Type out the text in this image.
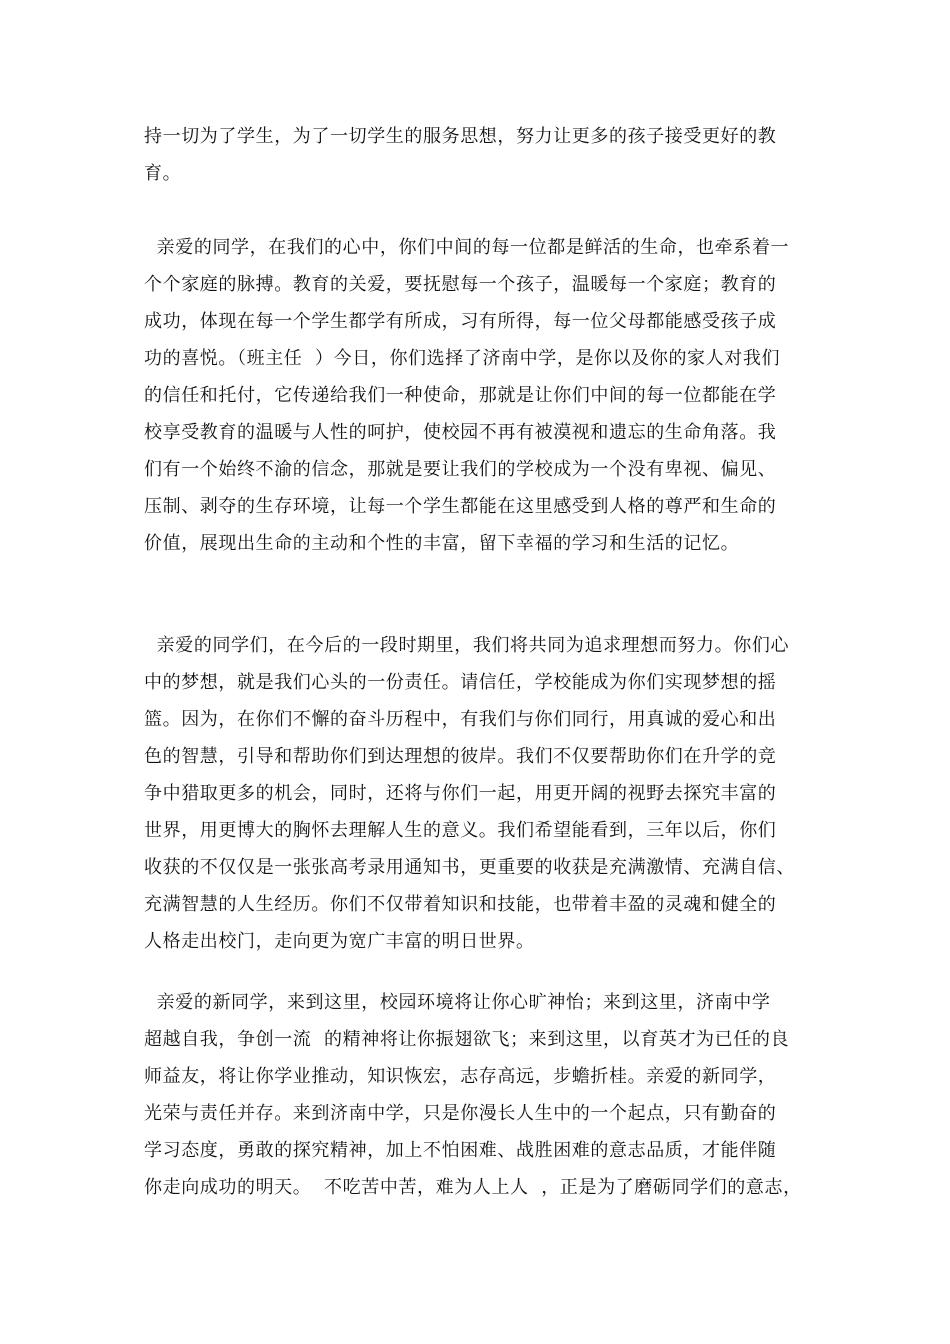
持一切为了学生，为了一切学生的服务思想，努力让更多的孩子接受更好的教
育。
亲爱的同学，在我们的心中，你们中间的每一位都是鲜活的生命，也牵系着一
个个家庭的脉搏。教育的关爱，要抚慰每一个孩子，温暖每一个家庭；教育的
成功，体现在每一个学生都学有所成，习有所得，每一位父母都能感受孩子成
功的喜悦。（班主任  ）今日，你们选择了济南中学，是你以及你的家人对我们
的信任和托付，它传递给我们一种使命，那就是让你们中间的每一位都能在学
校享受教育的温暖与人性的呵护，使校园不再有被漠视和遗忘的生命角落。我
们有一个始终不渝的信念，那就是要让我们的学校成为一个没有卑视、偏见、
压制、剥夺的生存环境，让每一个学生都能在这里感受到人格的尊严和生命的
价值，展现出生命的主动和个性的丰富，留下幸福的学习和生活的记忆。
亲爱的同学们，在今后的一段时期里，我们将共同为追求理想而努力。你们心
中的梦想，就是我们心头的一份责任。请信任，学校能成为你们实现梦想的摇
篮。因为，在你们不懈的奋斗历程中，有我们与你们同行，用真诚的爱心和出
色的智慧，引导和帮助你们到达理想的彼岸。我们不仅要帮助你们在升学的竞
争中猎取更多的机会，同时，还将与你们一起，用更开阔的视野去探究丰富的
世界，用更博大的胸怀去理解人生的意义。我们希望能看到，三年以后，你们
收获的不仅仅是一张张高考录用通知书，更重要的收获是充满激情、充满自信、
充满智慧的人生经历。你们不仅带着知识和技能，也带着丰盈的灵魂和健全的
人格走出校门，走向更为宽广丰富的明日世界。
亲爱的新同学，来到这里，校园环境将让你心旷神怡；来到这里，济南中学
超越自我，争创一流  的精神将让你振翅欲飞；来到这里，以育英才为已任的良
师益友，将让你学业推动，知识恢宏，志存高远，步蟾折桂。亲爱的新同学，
光荣与责任并存。来到济南中学，只是你漫长人生中的一个起点，只有勤奋的
学习态度，勇敢的探究精神，加上不怕困难、战胜困难的意志品质，才能伴随
你走向成功的明天。  不吃苦中苦，难为人上人  ，正是为了磨砺同学们的意志，
